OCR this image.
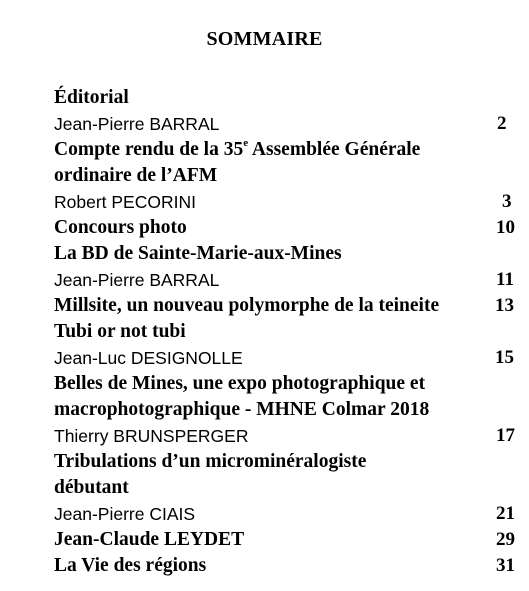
SOMMAIRE
Éditorial
Jean-Pierre BARRAL	2
Compte rendu de la 35e Assemblée Générale
ordinaire de l’AFM
Robert PECORINI	3
Concours photo	10
La BD de Sainte-Marie-aux-Mines
Jean-Pierre BARRAL	11
Millsite, un nouveau polymorphe de la teineite	13
Tubi or not tubi
Jean-Luc DESIGNOLLE	15
Belles de Mines, une expo photographique et
macrophotographique - MHNE Colmar 2018
Thierry BRUNSPERGER	17
Tribulations d’un microminéralogiste
débutant
Jean-Pierre CIAIS	21
Jean-Claude LEYDET	29
La Vie des régions	31
